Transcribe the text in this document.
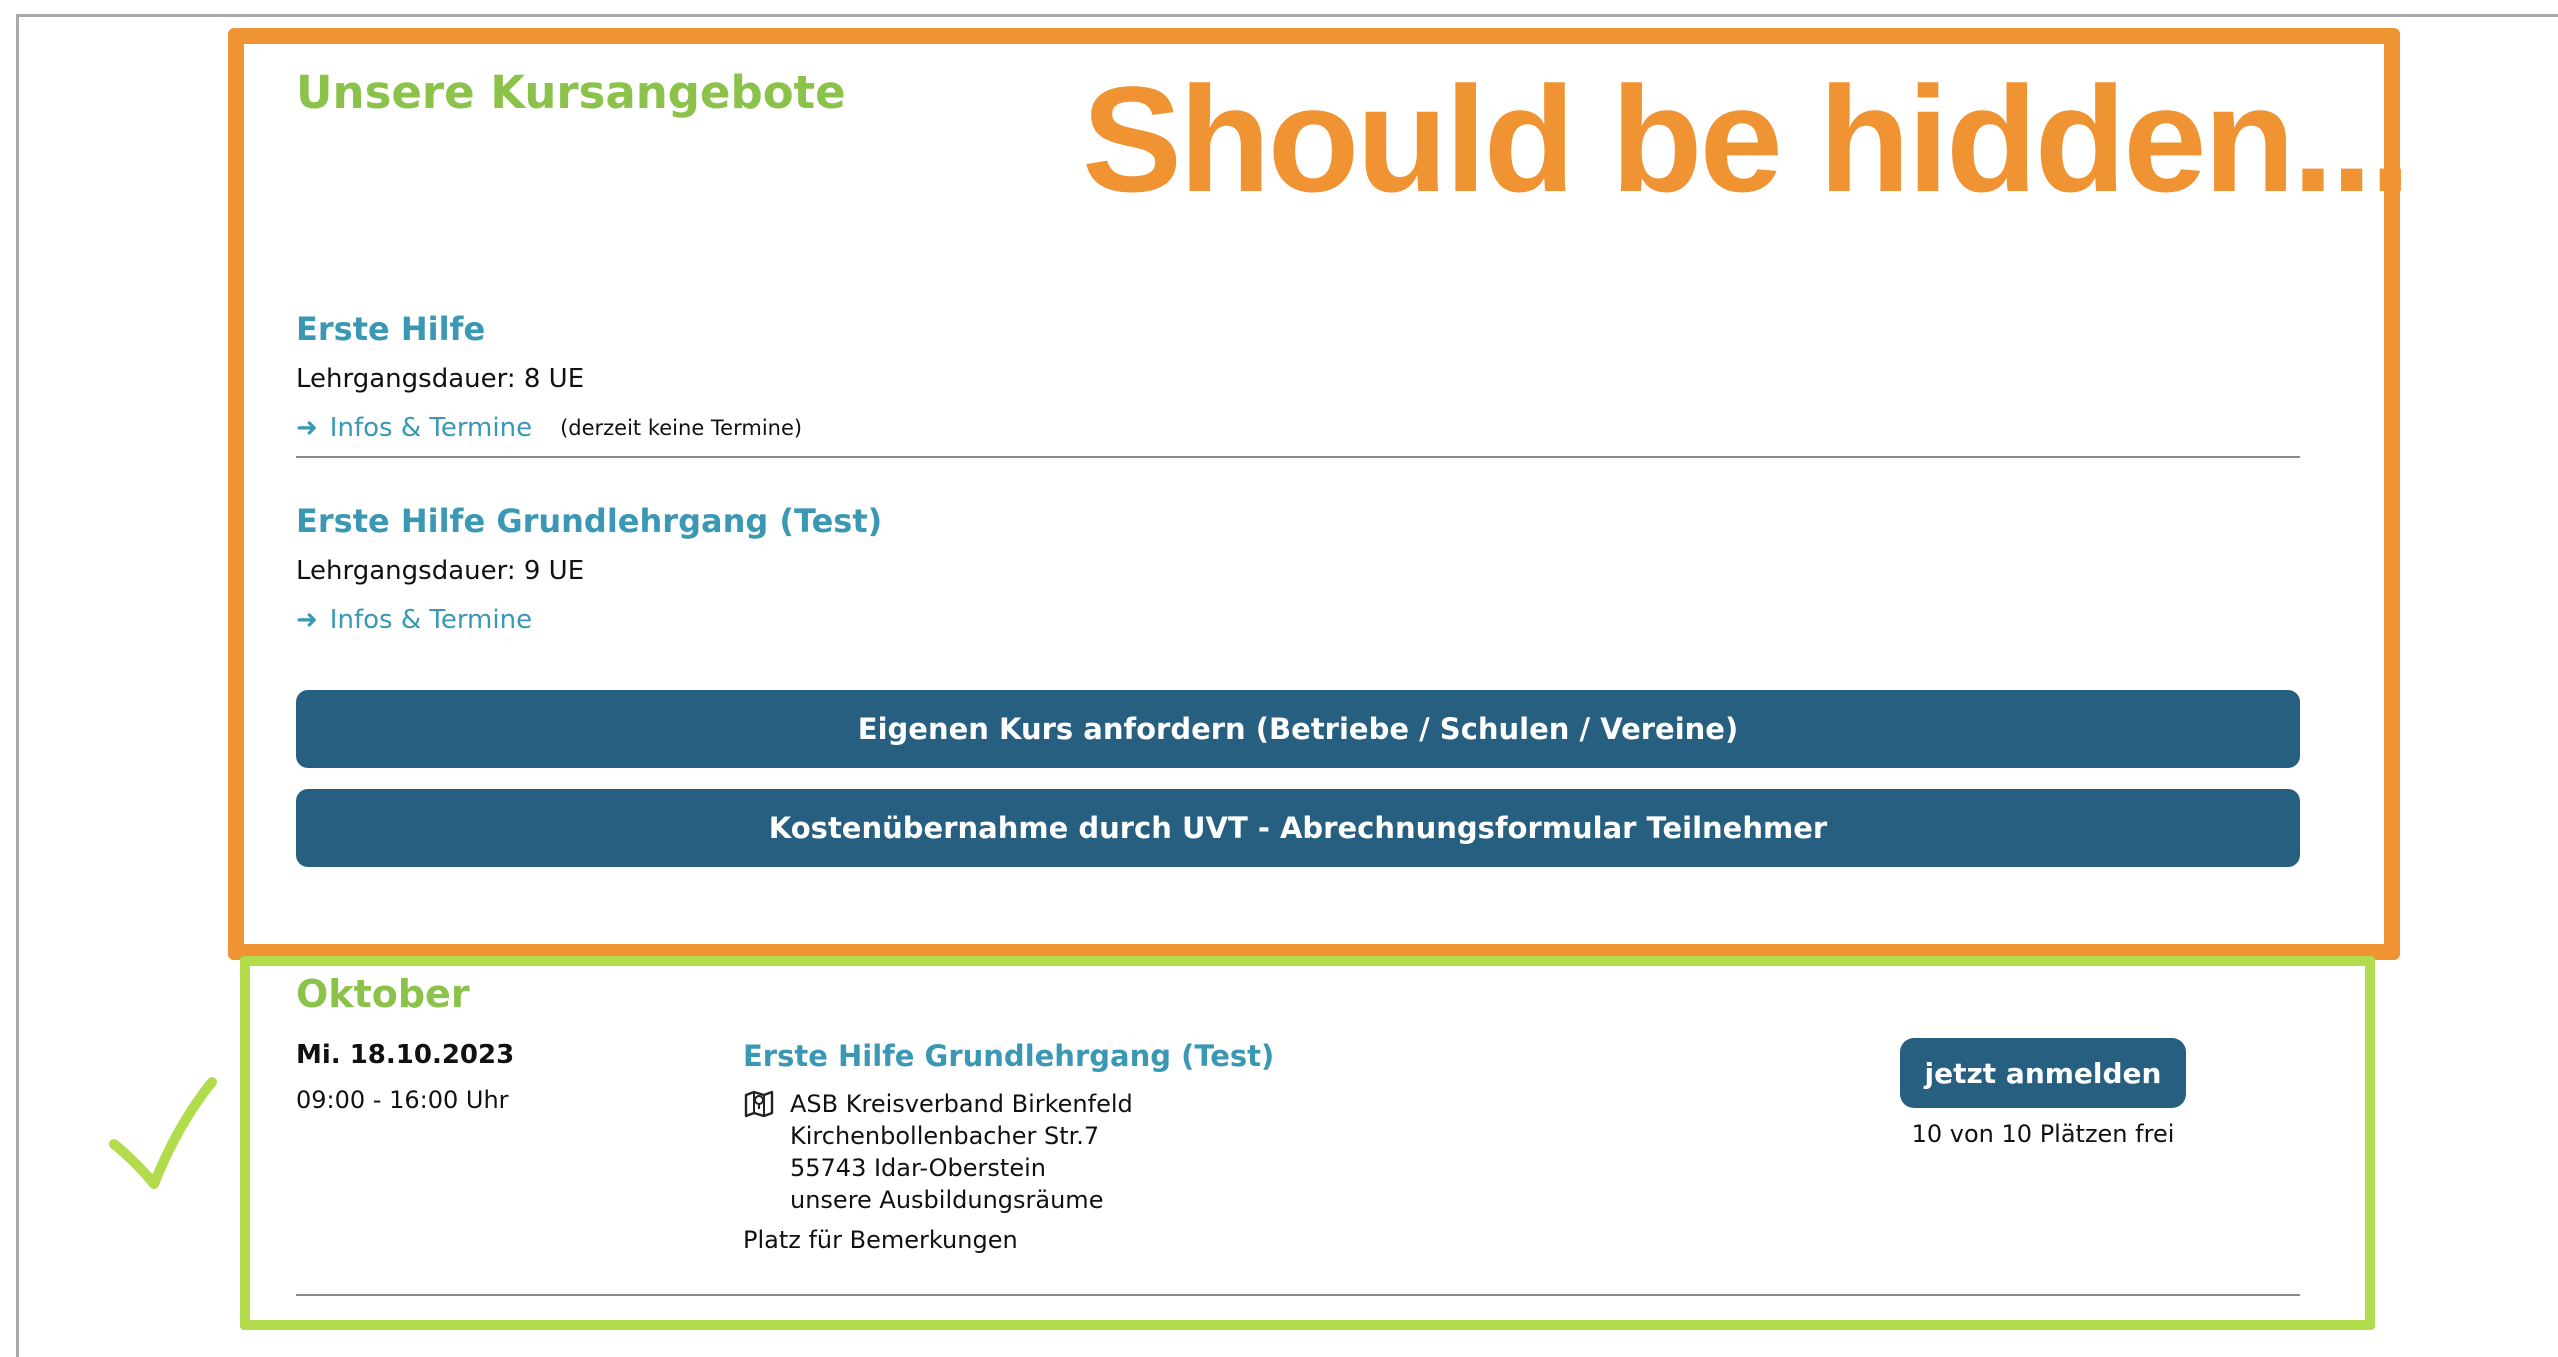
Should be hidden...
Unsere Kursangebote
Erste Hilfe
Lehrgangsdauer: 8 UE
➜ Infos & Termine (derzeit keine Termine)
Erste Hilfe Grundlehrgang (Test)
Lehrgangsdauer: 9 UE
➜ Infos & Termine
Eigenen Kurs anfordern (Betriebe / Schulen / Vereine)
Kostenübernahme durch UVT - Abrechnungsformular Teilnehmer
Oktober
Mi. 18.10.2023
09:00 - 16:00 Uhr
Erste Hilfe Grundlehrgang (Test)
ASB Kreisverband Birkenfeld
Kirchenbollenbacher Str.7
55743 Idar-Oberstein
unsere Ausbildungsräume
Platz für Bemerkungen
jetzt anmelden
10 von 10 Plätzen frei
